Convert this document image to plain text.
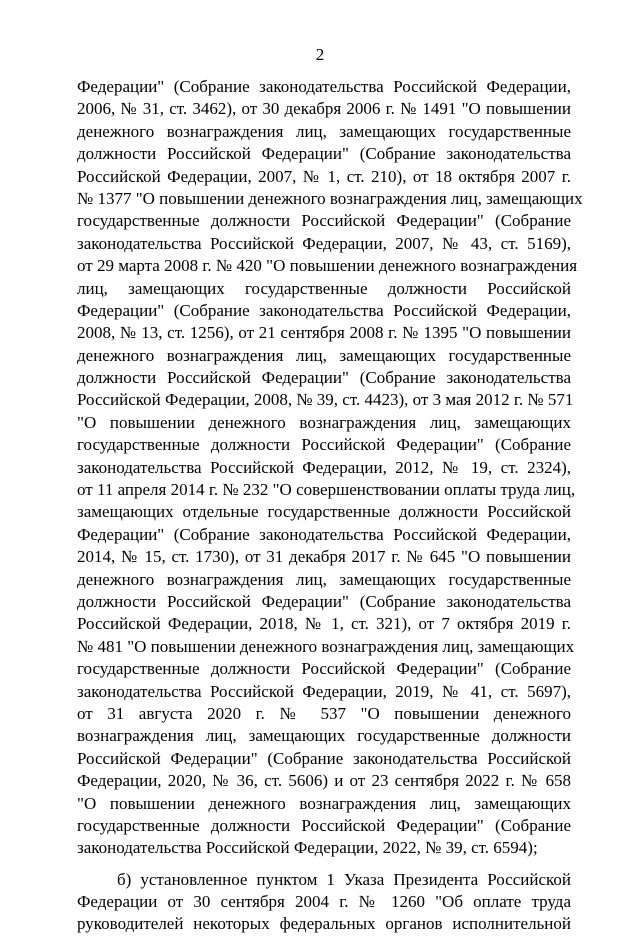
2
Федерации" (Собрание законодательства Российской Федерации,
2006, № 31, ст. 3462), от 30 декабря 2006 г. № 1491 "О повышении
денежного вознаграждения лиц, замещающих государственные
должности Российской Федерации" (Собрание законодательства
Российской Федерации, 2007, № 1, ст. 210), от 18 октября 2007 г.
№ 1377 "О повышении денежного вознаграждения лиц, замещающих
государственные должности Российской Федерации" (Собрание
законодательства Российской Федерации, 2007, № 43, ст. 5169),
от 29 марта 2008 г. № 420 "О повышении денежного вознаграждения
лиц, замещающих государственные должности Российской
Федерации" (Собрание законодательства Российской Федерации,
2008, № 13, ст. 1256), от 21 сентября 2008 г. № 1395 "О повышении
денежного вознаграждения лиц, замещающих государственные
должности Российской Федерации" (Собрание законодательства
Российской Федерации, 2008, № 39, ст. 4423), от 3 мая 2012 г. № 571
"О повышении денежного вознаграждения лиц, замещающих
государственные должности Российской Федерации" (Собрание
законодательства Российской Федерации, 2012, № 19, ст. 2324),
от 11 апреля 2014 г. № 232 "О совершенствовании оплаты труда лиц,
замещающих отдельные государственные должности Российской
Федерации" (Собрание законодательства Российской Федерации,
2014, № 15, ст. 1730), от 31 декабря 2017 г. № 645 "О повышении
денежного вознаграждения лиц, замещающих государственные
должности Российской Федерации" (Собрание законодательства
Российской Федерации, 2018, № 1, ст. 321), от 7 октября 2019 г.
№ 481 "О повышении денежного вознаграждения лиц, замещающих
государственные должности Российской Федерации" (Собрание
законодательства Российской Федерации, 2019, № 41, ст. 5697),
от 31 августа 2020 г. № 537 "О повышении денежного
вознаграждения лиц, замещающих государственные должности
Российской Федерации" (Собрание законодательства Российской
Федерации, 2020, № 36, ст. 5606) и от 23 сентября 2022 г. № 658
"О повышении денежного вознаграждения лиц, замещающих
государственные должности Российской Федерации" (Собрание
законодательства Российской Федерации, 2022, № 39, ст. 6594);
б) установленное пунктом 1 Указа Президента Российской
Федерации от 30 сентября 2004 г. № 1260 "Об оплате труда
руководителей некоторых федеральных органов исполнительной
